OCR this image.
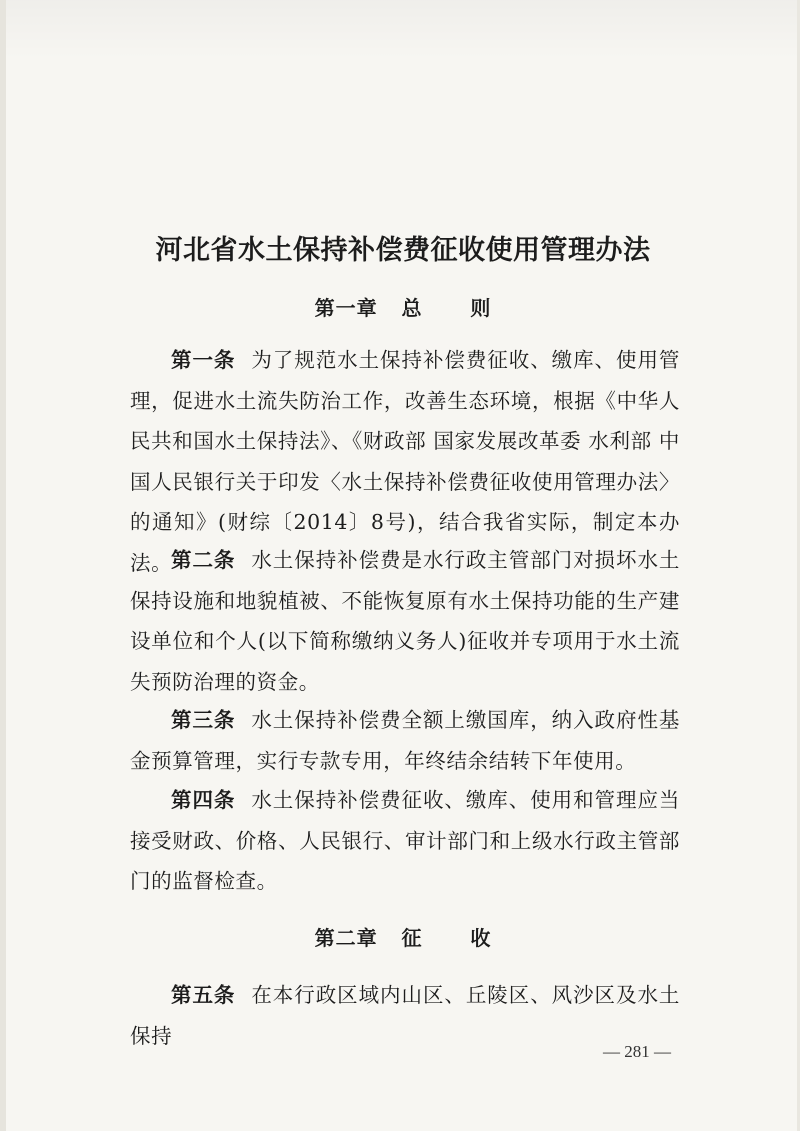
河北省水土保持补偿费征收使用管理办法
第一章   总      则

第一条 为了规范水土保持补偿费征收、缴库、使用管理，促进水土流失防治工作，改善生态环境，根据《中华人民共和国水土保持法》、《财政部 国家发展改革委 水利部 中国人民银行关于印发〈水土保持补偿费征收使用管理办法〉的通知》(财综〔2014〕8号)，结合我省实际，制定本办法。

第二条 水土保持补偿费是水行政主管部门对损坏水土保持设施和地貌植被、不能恢复原有水土保持功能的生产建设单位和个人(以下简称缴纳义务人)征收并专项用于水土流失预防治理的资金。

第三条 水土保持补偿费全额上缴国库，纳入政府性基金预算管理，实行专款专用，年终结余结转下年使用。

第四条 水土保持补偿费征收、缴库、使用和管理应当接受财政、价格、人民银行、审计部门和上级水行政主管部门的监督检查。

第二章   征      收

第五条 在本行政区域内山区、丘陵区、风沙区及水土保持

— 281 —
